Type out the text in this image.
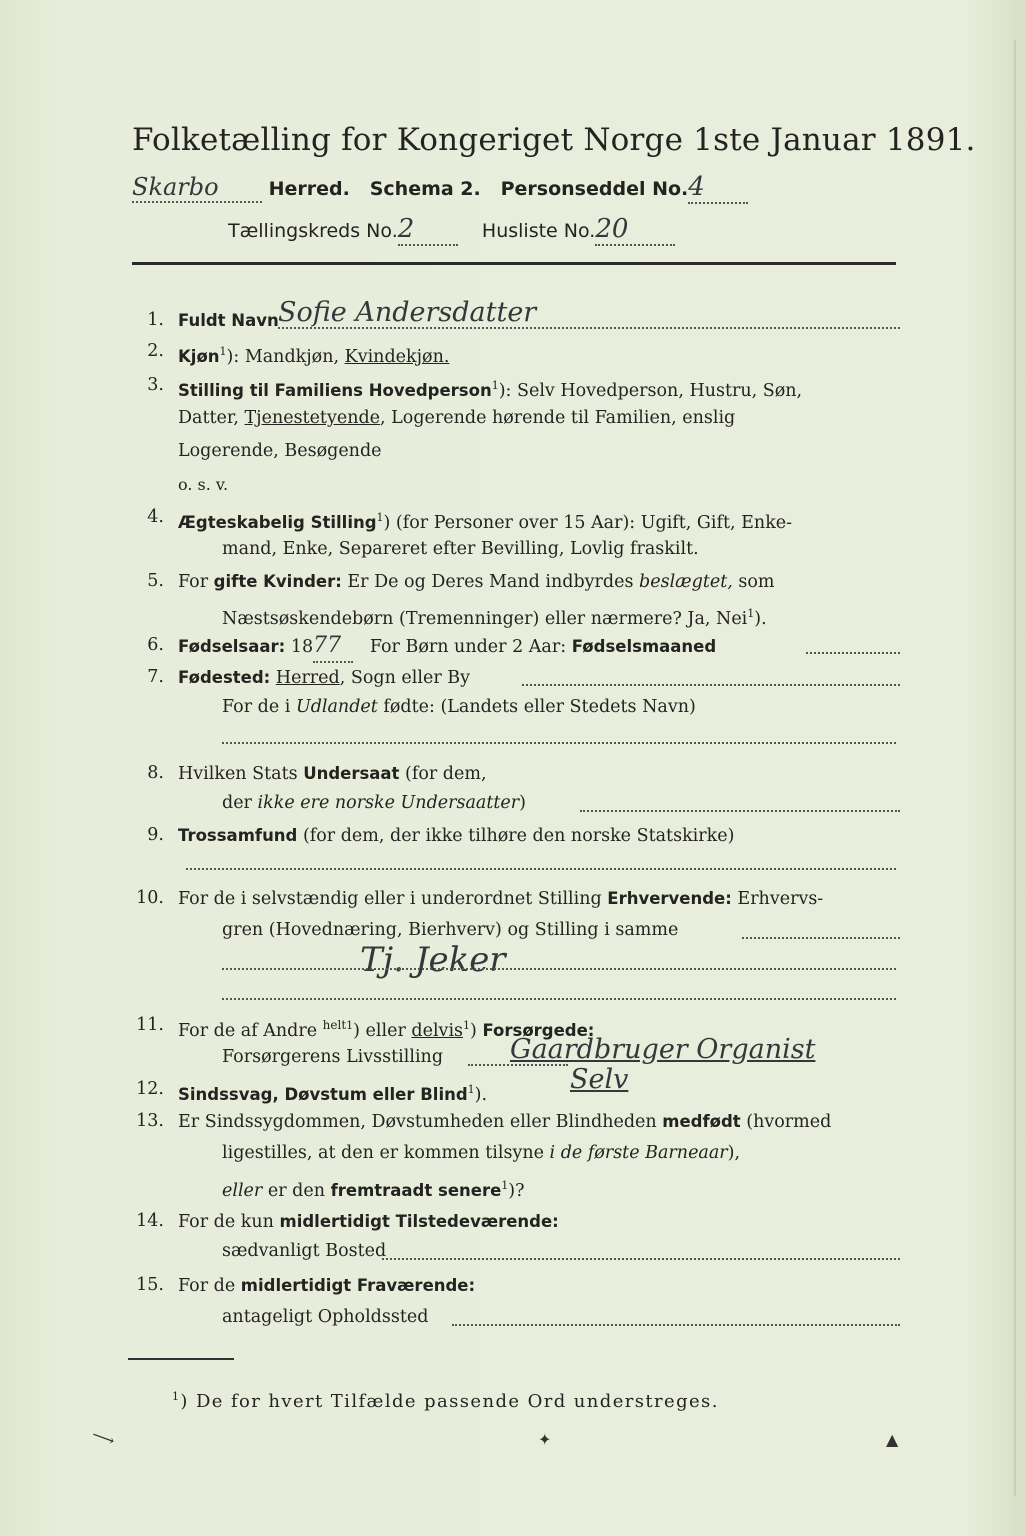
Folketælling for Kongeriget Norge 1ste Januar 1891.
Skarbo	Herred. Schema 2. Personseddel No.4
Tællingskreds No.2	Husliste No.20
1. Fuldt Navn Sofie Andersdatter
2. Kjøn$^1$): Mandkjøn, Kvindekjøn.
3. Stilling til Familiens Hovedperson$^1$): Selv Hovedperson, Hustru, Søn,
Datter, Tjenestetyende, Logerende hørende til Familien, enslig
Logerende, Besøgende
o. s. v.
4. Ægteskabelig Stilling$^1$) (for Personer over 15 Aar): Ugift, Gift, Enke-
mand, Enke, Separeret efter Bevilling, Lovlig fraskilt.
5. For gifte Kvinder: Er De og Deres Mand indbyrdes beslægtet, som
Næstsøskendebørn (Tremenninger) eller nærmere? Ja, Nei$^1$).
6. Fødselsaar: 1877 For Børn under 2 Aar: Fødselsmaaned
7. Fødested: Herred, Sogn eller By
For de i Udlandet fødte: (Landets eller Stedets Navn)
8. Hvilken Stats Undersaat (for dem,
der ikke ere norske Undersaatter)
9. Trossamfund (for dem, der ikke tilhøre den norske Statskirke)
10. For de i selvstændig eller i underordnet Stilling Erhvervende: Erhvervs-
gren (Hovednæring, Bierhverv) og Stilling i samme
Tj. Jeker
11. For de af Andre $^{helt1}$) eller delvis$^1$) Forsørgede:
Forsørgerens Livsstilling Gaardbruger Organist
12. Sindssvag, Døvstum eller Blind$^1$).	Selv
13. Er Sindssygdommen, Døvstumheden eller Blindheden medfødt (hvormed
ligestilles, at den er kommen tilsyne i de første Barneaar),
eller er den fremtraadt senere$^1$)?
14. For de kun midlertidigt Tilstedeværende:
sædvanligt Bosted
15. For de midlertidigt Fraværende:
antageligt Opholdssted
$^1$) De for hvert Tilfælde passende Ord understreges.
⟶	✦	▲
